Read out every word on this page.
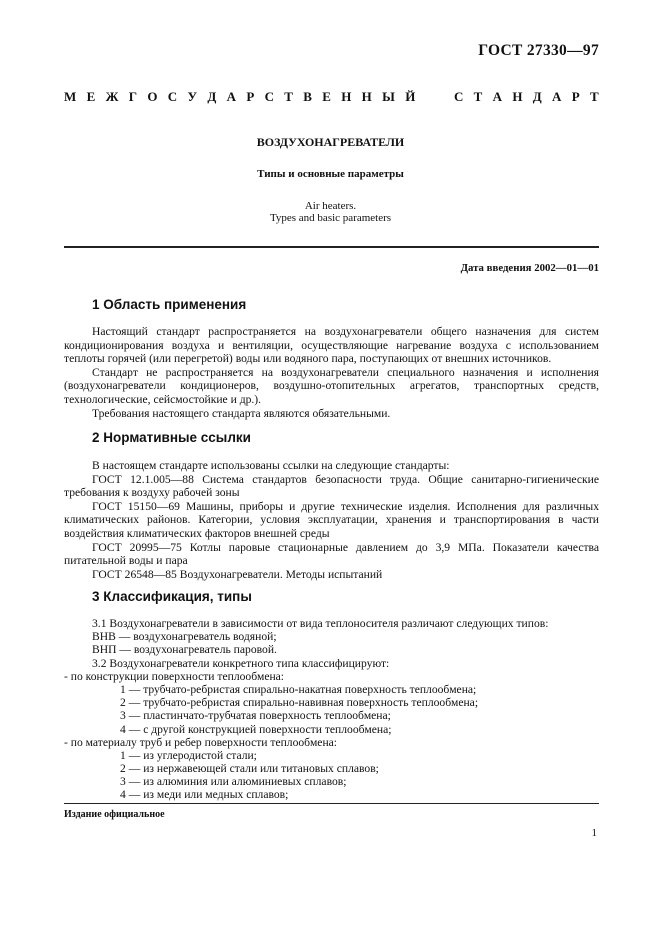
ГОСТ 27330—97
М Е Ж Г О С У Д А Р С Т В Е Н Н Ы Й	С Т А Н Д А Р Т
ВОЗДУХОНАГРЕВАТЕЛИ
Типы и основные параметры
Air heaters.
Types and basic parameters
Дата введения 2002—01—01
1 Область применения

Настоящий стандарт распространяется на воздухонагреватели общего назначения для систем кондиционирования воздуха и вентиляции, осуществляющие нагревание воздуха с использованием теплоты горячей (или перегретой) воды или водяного пара, поступающих от внешних источников.

Стандарт не распространяется на воздухонагреватели специального назначения и исполнения (воздухонагреватели кондиционеров, воздушно-отопительных агрегатов, транспортных средств, технологические, сейсмостойкие и др.).

Требования настоящего стандарта являются обязательными.

2 Нормативные ссылки

В настоящем стандарте использованы ссылки на следующие стандарты:

ГОСТ 12.1.005—88 Система стандартов безопасности труда. Общие санитарно-гигиенические требования к воздуху рабочей зоны

ГОСТ 15150—69 Машины, приборы и другие технические изделия. Исполнения для различных климатических районов. Категории, условия эксплуатации, хранения и транспортирования в части воздействия климатических факторов внешней среды

ГОСТ 20995—75 Котлы паровые стационарные давлением до 3,9 МПа. Показатели качества питательной воды и пара

ГОСТ 26548—85 Воздухонагреватели. Методы испытаний

3 Классификация, типы
3.1 Воздухонагреватели в зависимости от вида теплоносителя различают следующих типов:
ВНВ — воздухонагреватель водяной;
ВНП — воздухонагреватель паровой.
3.2 Воздухонагреватели конкретного типа классифицируют:
- по конструкции поверхности теплообмена:
1 — трубчато-ребристая спирально-накатная поверхность теплообмена;
2 — трубчато-ребристая спирально-навивная поверхность теплообмена;
3 — пластинчато-трубчатая поверхность теплообмена;
4 — с другой конструкцией поверхности теплообмена;
- по материалу труб и ребер поверхности теплообмена:
1 — из углеродистой стали;
2 — из нержавеющей стали или титановых сплавов;
3 — из алюминия или алюминиевых сплавов;
4 — из меди или медных сплавов;
Издание официальное
1
